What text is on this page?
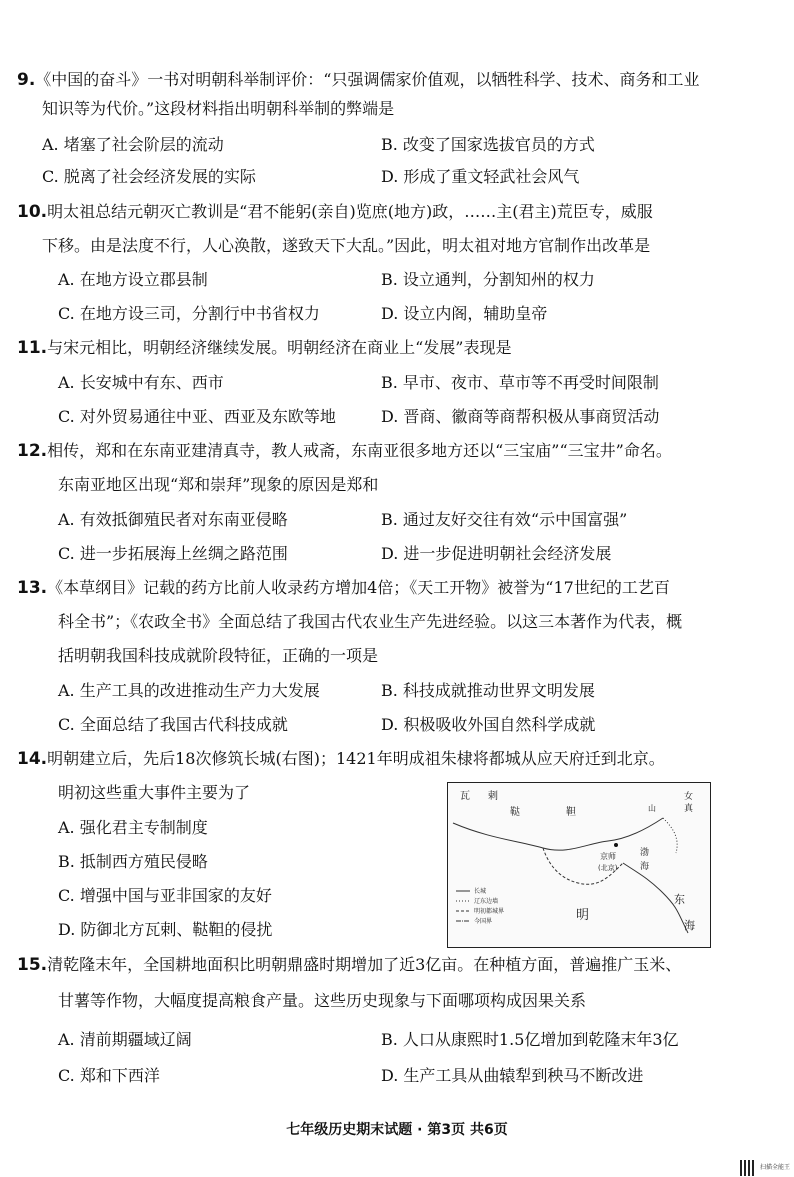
9.《中国的奋斗》一书对明朝科举制评价：“只强调儒家价值观，以牺牲科学、技术、商务和工业
知识等为代价。”这段材料指出明朝科举制的弊端是
A. 堵塞了社会阶层的流动	B. 改变了国家选拔官员的方式
C. 脱离了社会经济发展的实际	D. 形成了重文轻武社会风气
10.明太祖总结元朝灭亡教训是“君不能躬(亲自)览庶(地方)政，……主(君主)荒臣专，威服
下移。由是法度不行，人心涣散，遂致天下大乱。”因此，明太祖对地方官制作出改革是
A. 在地方设立郡县制	B. 设立通判，分割知州的权力
C. 在地方设三司，分割行中书省权力	D. 设立内阁，辅助皇帝
11.与宋元相比，明朝经济继续发展。明朝经济在商业上“发展”表现是
A. 长安城中有东、西市	B. 早市、夜市、草市等不再受时间限制
C. 对外贸易通往中亚、西亚及东欧等地	D. 晋商、徽商等商帮积极从事商贸活动
12.相传，郑和在东南亚建清真寺，教人戒斋，东南亚很多地方还以“三宝庙”“三宝井”命名。
东南亚地区出现“郑和崇拜”现象的原因是郑和
A. 有效抵御殖民者对东南亚侵略	B. 通过友好交往有效“示中国富强”
C. 进一步拓展海上丝绸之路范围	D. 进一步促进明朝社会经济发展
13.《本草纲目》记载的药方比前人收录药方增加4倍；《天工开物》被誉为“17世纪的工艺百
科全书”；《农政全书》全面总结了我国古代农业生产先进经验。以这三本著作为代表，概
括明朝我国科技成就阶段特征，正确的一项是
A. 生产工具的改进推动生产力大发展	B. 科技成就推动世界文明发展
C. 全面总结了我国古代科技成就	D. 积极吸收外国自然科学成就
14.明朝建立后，先后18次修筑长城(右图)；1421年明成祖朱棣将都城从应天府迁到北京。
明初这些重大事件主要为了
A. 强化君主专制制度
B. 抵制西方殖民侵略
C. 增强中国与亚非国家的友好
D. 防御北方瓦剌、鞑靼的侵扰
瓦 剌
鞑	靼	山
女
真
京师
(北京)
渤
海
东
海
明
长城
辽东边墙
明初都城界
今国界
15.清乾隆末年，全国耕地面积比明朝鼎盛时期增加了近3亿亩。在种植方面，普遍推广玉米、
甘薯等作物，大幅度提高粮食产量。这些历史现象与下面哪项构成因果关系
A. 清前期疆域辽阔	B. 人口从康熙时1.5亿增加到乾隆末年3亿
C. 郑和下西洋	D. 生产工具从曲辕犁到秧马不断改进
七年级历史期末试题 · 第3页 共6页
扫描全能王
